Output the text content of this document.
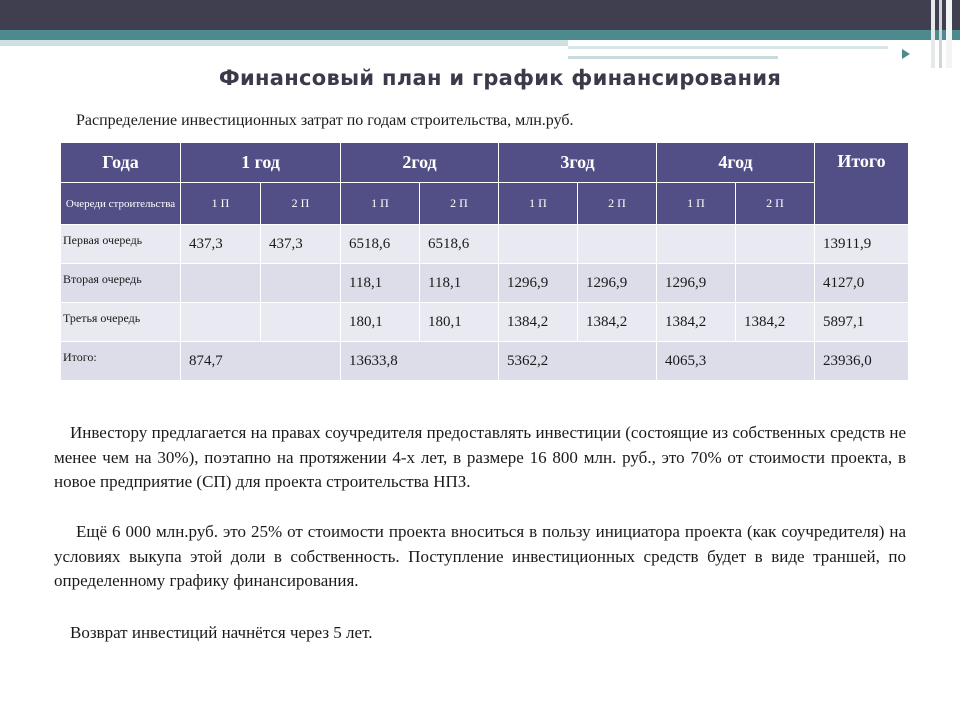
Финансовый план и график финансирования
Распределение инвестиционных затрат по годам строительства, млн.руб.
Года	1 год		2год		3год		4год		Итого
Очереди строительства	1 П	2 П	1 П	2 П	1 П	2 П	1 П	2 П	
Первая очередь	437,3	437,3	6518,6	6518,6					13911,9
Вторая очередь			118,1	118,1	1296,9	1296,9	1296,9		4127,0
Третья очередь			180,1	180,1	1384,2	1384,2	1384,2	1384,2	5897,1
Итого:	874,7		13633,8		5362,2		4065,3		23936,0
Инвестору предлагается на правах соучредителя предоставлять инвестиции (состоящие из собственных средств не менее чем на 30%), поэтапно на протяжении 4-х лет, в размере 16 800 млн. руб., это 70% от стоимости проекта, в новое предприятие (СП) для проекта строительства НПЗ.
Ещё 6 000 млн.руб. это 25% от стоимости проекта вноситься в пользу инициатора проекта (как соучредителя) на условиях выкупа этой доли в собственность. Поступление инвестиционных средств будет в виде траншей, по определенному графику финансирования.
Возврат инвестиций начнётся через 5 лет.
